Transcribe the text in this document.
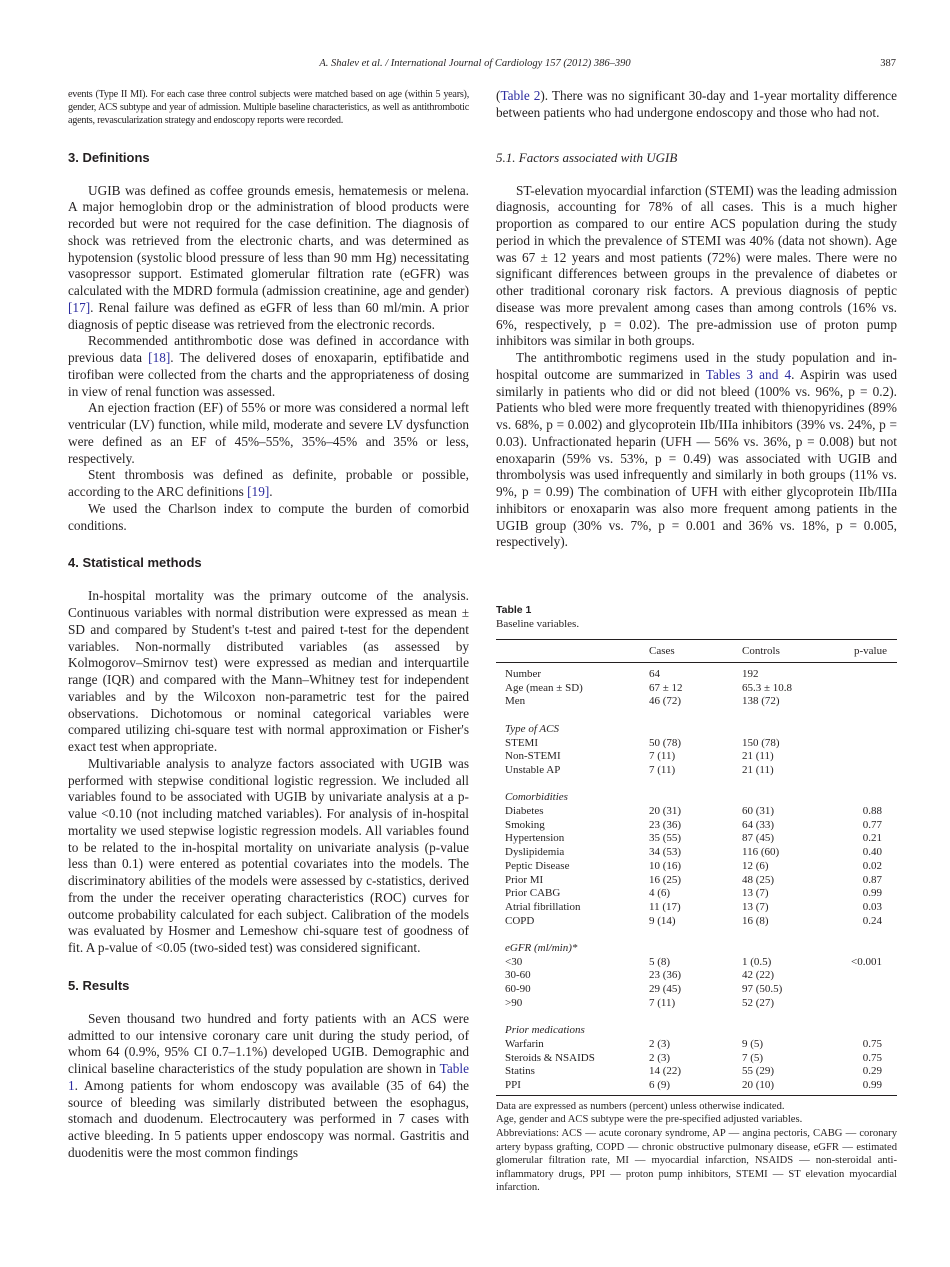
A. Shalev et al. / International Journal of Cardiology 157 (2012) 386–390	387

events (Type II MI). For each case three control subjects were matched based on age (within 5 years), gender, ACS subtype and year of admission. Multiple baseline characteristics, as well as antithrombotic agents, revascularization strategy and endoscopy reports were recorded.

3. Definitions

UGIB was defined as coffee grounds emesis, hematemesis or melena. A major hemoglobin drop or the administration of blood products were recorded but were not required for the case definition. The diagnosis of shock was retrieved from the electronic charts, and was determined as hypotension (systolic blood pressure of less than 90 mm Hg) necessitating vasopressor support. Estimated glomerular filtration rate (eGFR) was calculated with the MDRD formula (admission creatinine, age and gender) [17]. Renal failure was defined as eGFR of less than 60 ml/min. A prior diagnosis of peptic disease was retrieved from the electronic records.

Recommended antithrombotic dose was defined in accordance with previous data [18]. The delivered doses of enoxaparin, eptifibatide and tirofiban were collected from the charts and the appropriateness of dosing in view of renal function was assessed.

An ejection fraction (EF) of 55% or more was considered a normal left ventricular (LV) function, while mild, moderate and severe LV dysfunction were defined as an EF of 45%–55%, 35%–45% and 35% or less, respectively.

Stent thrombosis was defined as definite, probable or possible, according to the ARC definitions [19].

We used the Charlson index to compute the burden of comorbid conditions.

4. Statistical methods

In-hospital mortality was the primary outcome of the analysis. Continuous variables with normal distribution were expressed as mean ± SD and compared by Student's t-test and paired t-test for the dependent variables. Non-normally distributed variables (as assessed by Kolmogorov–Smirnov test) were expressed as median and interquartile range (IQR) and compared with the Mann–Whitney test for independent variables and by the Wilcoxon non-parametric test for the paired observations. Dichotomous or nominal categorical variables were compared utilizing chi-square test with normal approximation or Fisher's exact test when appropriate.

Multivariable analysis to analyze factors associated with UGIB was performed with stepwise conditional logistic regression. We included all variables found to be associated with UGIB by univariate analysis at a p-value <0.10 (not including matched variables). For analysis of in-hospital mortality we used stepwise logistic regression models. All variables found to be related to the in-hospital mortality on univariate analysis (p-value less than 0.1) were entered as potential covariates into the models. The discriminatory abilities of the models were assessed by c-statistics, derived from the under the receiver operating characteristics (ROC) curves for outcome probability calculated for each subject. Calibration of the models was evaluated by Hosmer and Lemeshow chi-square test of goodness of fit. A p-value of <0.05 (two-sided test) was considered significant.

5. Results

Seven thousand two hundred and forty patients with an ACS were admitted to our intensive coronary care unit during the study period, of whom 64 (0.9%, 95% CI 0.7–1.1%) developed UGIB. Demographic and clinical baseline characteristics of the study population are shown in Table 1. Among patients for whom endoscopy was available (35 of 64) the source of bleeding was similarly distributed between the esophagus, stomach and duodenum. Electrocautery was performed in 7 cases with active bleeding. In 5 patients upper endoscopy was normal. Gastritis and duodenitis were the most common findings

(Table 2). There was no significant 30-day and 1-year mortality difference between patients who had undergone endoscopy and those who had not.

5.1. Factors associated with UGIB

ST-elevation myocardial infarction (STEMI) was the leading admission diagnosis, accounting for 78% of all cases. This is a much higher proportion as compared to our entire ACS population during the study period in which the prevalence of STEMI was 40% (data not shown). Age was 67 ± 12 years and most patients (72%) were males. There were no significant differences between groups in the prevalence of diabetes or other traditional coronary risk factors. A previous diagnosis of peptic disease was more prevalent among cases than among controls (16% vs. 6%, respectively, p = 0.02). The pre-admission use of proton pump inhibitors was similar in both groups.

The antithrombotic regimens used in the study population and in-hospital outcome are summarized in Tables 3 and 4. Aspirin was used similarly in patients who did or did not bleed (100% vs. 96%, p = 0.2). Patients who bled were more frequently treated with thienopyridines (89% vs. 68%, p = 0.002) and glycoprotein IIb/IIIa inhibitors (39% vs. 24%, p = 0.03). Unfractionated heparin (UFH — 56% vs. 36%, p = 0.008) but not enoxaparin (59% vs. 53%, p = 0.49) was associated with UGIB and thrombolysis was used infrequently and similarly in both groups (11% vs. 9%, p = 0.99) The combination of UFH with either glycoprotein IIb/IIIa inhibitors or enoxaparin was also more frequent among patients in the UGIB group (30% vs. 7%, p = 0.001 and 36% vs. 18%, p = 0.005, respectively).

Table 1
Baseline variables.
	Cases	Controls	p-value
Number	64	192	
Age (mean ± SD)	67 ± 12	65.3 ± 10.8	
Men	46 (72)	138 (72)	

Type of ACS			
STEMI	50 (78)	150 (78)	
Non-STEMI	7 (11)	21 (11)	
Unstable AP	7 (11)	21 (11)	

Comorbidities			
Diabetes	20 (31)	60 (31)	0.88
Smoking	23 (36)	64 (33)	0.77
Hypertension	35 (55)	87 (45)	0.21
Dyslipidemia	34 (53)	116 (60)	0.40
Peptic Disease	10 (16)	12 (6)	0.02
Prior MI	16 (25)	48 (25)	0.87
Prior CABG	4 (6)	13 (7)	0.99
Atrial fibrillation	11 (17)	13 (7)	0.03
COPD	9 (14)	16 (8)	0.24

eGFR (ml/min)*			
<30	5 (8)	1 (0.5)	<0.001
30-60	23 (36)	42 (22)	
60-90	29 (45)	97 (50.5)	
>90	7 (11)	52 (27)	

Prior medications			
Warfarin	2 (3)	9 (5)	0.75
Steroids & NSAIDS	2 (3)	7 (5)	0.75
Statins	14 (22)	55 (29)	0.29
PPI	6 (9)	20 (10)	0.99

Data are expressed as numbers (percent) unless otherwise indicated.

Age, gender and ACS subtype were the pre-specified adjusted variables.

Abbreviations: ACS — acute coronary syndrome, AP — angina pectoris, CABG — coronary artery bypass grafting, COPD — chronic obstructive pulmonary disease, eGFR — estimated glomerular filtration rate, MI — myocardial infarction, NSAIDS — non-steroidal anti-inflammatory drugs, PPI — proton pump inhibitors, STEMI — ST elevation myocardial infarction.
